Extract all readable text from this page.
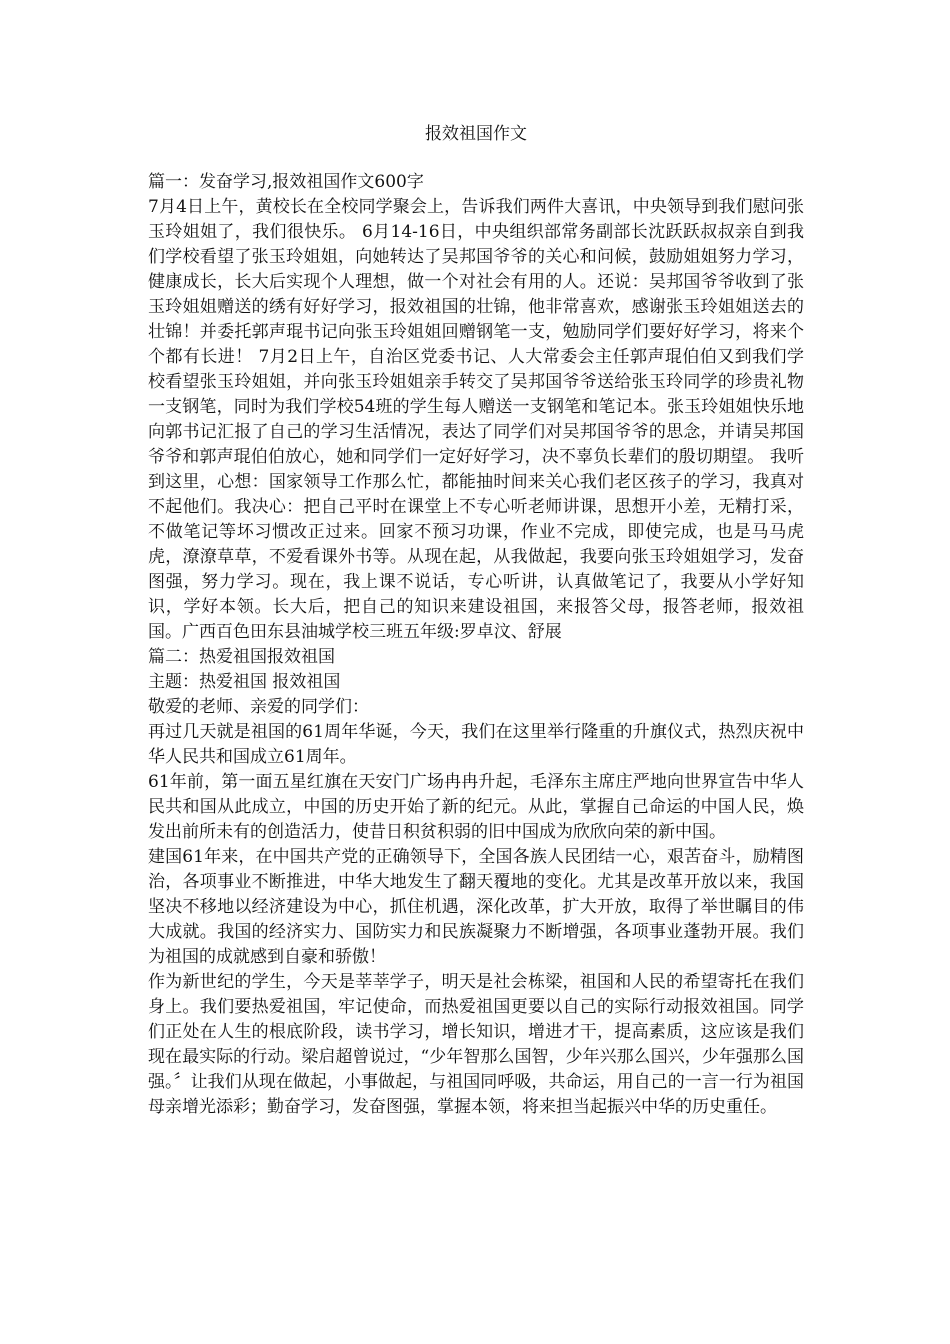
报效祖国作文

篇一：发奋学习,报效祖国作文600字

7月4日上午，黄校长在全校同学聚会上，告诉我们两件大喜讯，中央领导到我们慰问张玉玲姐姐了，我们很快乐。 6月14-16日，中央组织部常务副部长沈跃跃叔叔亲自到我们学校看望了张玉玲姐姐，向她转达了吴邦国爷爷的关心和问候，鼓励姐姐努力学习，健康成长，长大后实现个人理想，做一个对社会有用的人。还说：吴邦国爷爷收到了张玉玲姐姐赠送的绣有好好学习，报效祖国的壮锦，他非常喜欢，感谢张玉玲姐姐送去的壮锦！并委托郭声琨书记向张玉玲姐姐回赠钢笔一支，勉励同学们要好好学习，将来个个都有长进！ 7月2日上午，自治区党委书记、人大常委会主任郭声琨伯伯又到我们学校看望张玉玲姐姐，并向张玉玲姐姐亲手转交了吴邦国爷爷送给张玉玲同学的珍贵礼物一支钢笔，同时为我们学校54班的学生每人赠送一支钢笔和笔记本。张玉玲姐姐快乐地向郭书记汇报了自己的学习生活情况，表达了同学们对吴邦国爷爷的思念，并请吴邦国爷爷和郭声琨伯伯放心，她和同学们一定好好学习，决不辜负长辈们的殷切期望。 我听到这里，心想：国家领导工作那么忙，都能抽时间来关心我们老区孩子的学习，我真对不起他们。我决心：把自己平时在课堂上不专心听老师讲课，思想开小差，无精打采，不做笔记等坏习惯改正过来。回家不预习功课，作业不完成，即使完成，也是马马虎虎，潦潦草草，不爱看课外书等。从现在起，从我做起，我要向张玉玲姐姐学习，发奋图强，努力学习。现在，我上课不说话，专心听讲，认真做笔记了，我要从小学好知识，学好本领。长大后，把自己的知识来建设祖国，来报答父母，报答老师，报效祖国。广西百色田东县油城学校三班五年级:罗卓汶、舒展

篇二：热爱祖国报效祖国

主题：热爱祖国 报效祖国

敬爱的老师、亲爱的同学们：

再过几天就是祖国的61周年华诞，今天，我们在这里举行隆重的升旗仪式，热烈庆祝中华人民共和国成立61周年。

61年前，第一面五星红旗在天安门广场冉冉升起，毛泽东主席庄严地向世界宣告中华人民共和国从此成立，中国的历史开始了新的纪元。从此，掌握自己命运的中国人民，焕发出前所未有的创造活力，使昔日积贫积弱的旧中国成为欣欣向荣的新中国。

建国61年来，在中国共产党的正确领导下，全国各族人民团结一心，艰苦奋斗，励精图治，各项事业不断推进，中华大地发生了翻天覆地的变化。尤其是改革开放以来，我国坚决不移地以经济建设为中心，抓住机遇，深化改革，扩大开放，取得了举世瞩目的伟大成就。我国的经济实力、国防实力和民族凝聚力不断增强，各项事业蓬勃开展。我们为祖国的成就感到自豪和骄傲！

作为新世纪的学生，今天是莘莘学子，明天是社会栋梁，祖国和人民的希望寄托在我们身上。我们要热爱祖国，牢记使命，而热爱祖国更要以自己的实际行动报效祖国。同学们正处在人生的根底阶段，读书学习，增长知识，增进才干，提高素质，这应该是我们现在最实际的行动。梁启超曾说过，“少年智那么国智，少年兴那么国兴，少年强那么国强。〞让我们从现在做起，小事做起，与祖国同呼吸，共命运，用自己的一言一行为祖国母亲增光添彩；勤奋学习，发奋图强，掌握本领，将来担当起振兴中华的历史重任。
